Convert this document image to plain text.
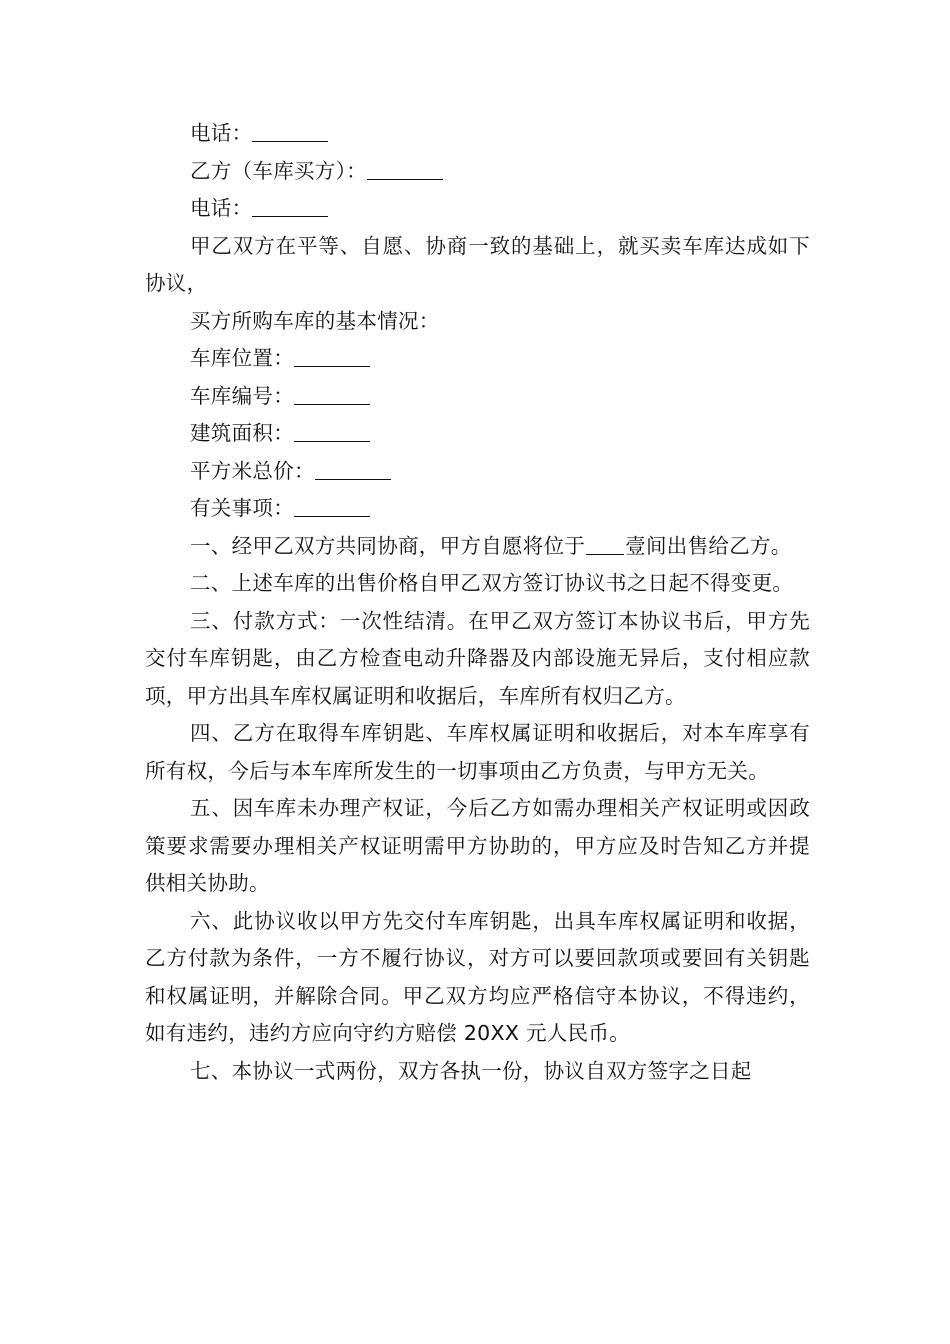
电话：

乙方（车库买方）：

电话：

甲乙双方在平等、自愿、协商一致的基础上，就买卖车库达成如下协议，

买方所购车库的基本情况：

车库位置：

车库编号：

建筑面积：

平方米总价：

有关事项：

一、经甲乙双方共同协商，甲方自愿将位于 壹间出售给乙方。

二、上述车库的出售价格自甲乙双方签订协议书之日起不得变更。

三、付款方式：一次性结清。在甲乙双方签订本协议书后，甲方先交付车库钥匙，由乙方检查电动升降器及内部设施无异后，支付相应款项，甲方出具车库权属证明和收据后，车库所有权归乙方。

四、乙方在取得车库钥匙、车库权属证明和收据后，对本车库享有所有权，今后与本车库所发生的一切事项由乙方负责，与甲方无关。

五、因车库未办理产权证，今后乙方如需办理相关产权证明或因政策要求需要办理相关产权证明需甲方协助的，甲方应及时告知乙方并提供相关协助。

六、此协议收以甲方先交付车库钥匙，出具车库权属证明和收据，乙方付款为条件，一方不履行协议，对方可以要回款项或要回有关钥匙和权属证明，并解除合同。甲乙双方均应严格信守本协议，不得违约，如有违约，违约方应向守约方赔偿 20XX 元人民币。

七、本协议一式两份，双方各执一份，协议自双方签字之日起
